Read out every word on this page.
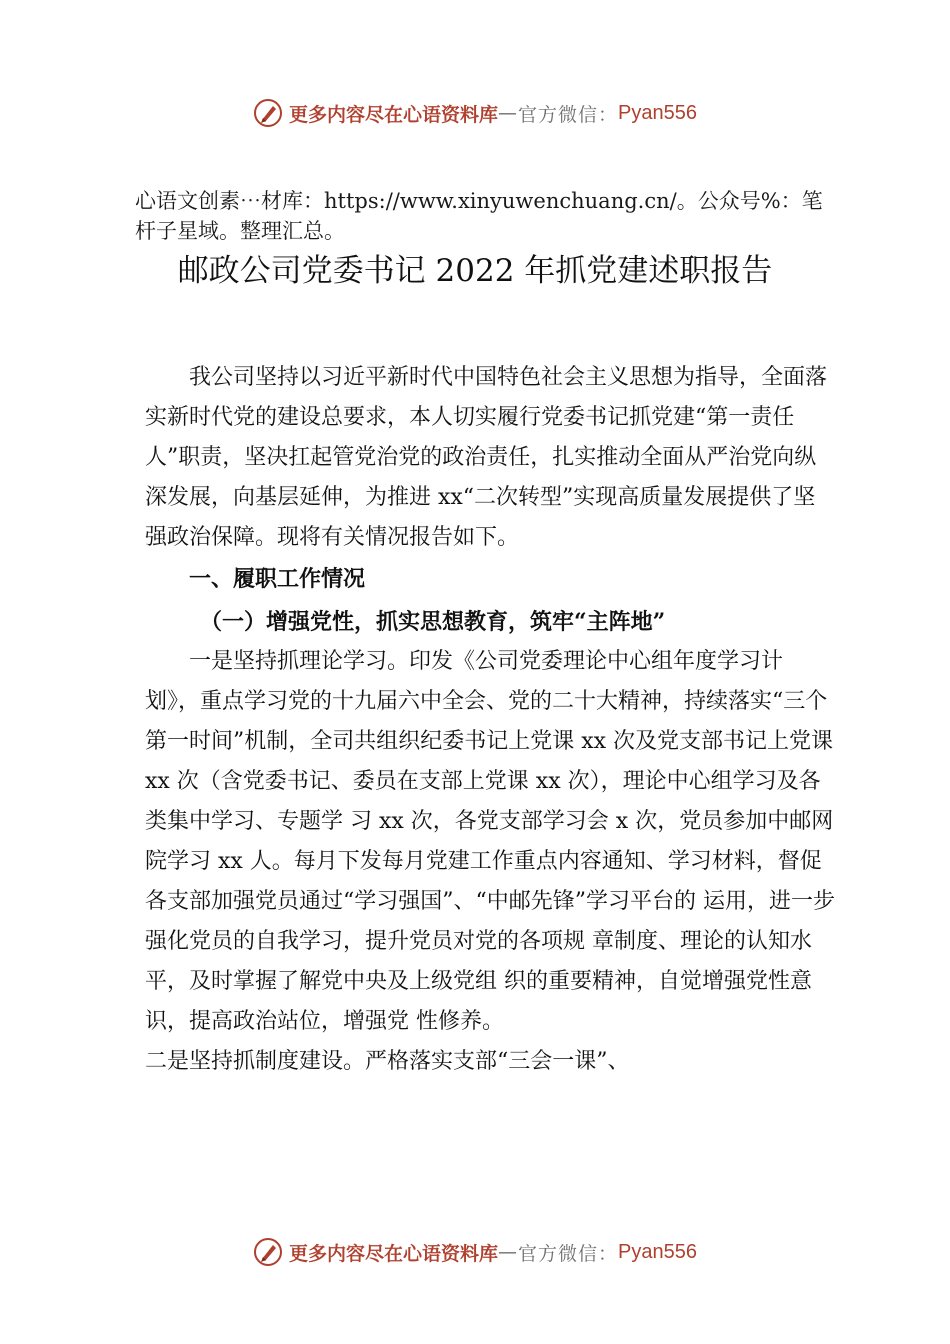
更多内容尽在心语资料库 — 官方微信： Pyan556
心语文创素⋯材库：https://www.xinyuwenchuang.cn/。公众号%：笔杆子星域。整理汇总。
邮政公司党委书记 2022 年抓党建述职报告

我公司坚持以习近平新时代中国特色社会主义思想为指导，全面落实新时代党的建设总要求，本人切实履行党委书记抓党建“第一责任人”职责，坚决扛起管党治党的政治责任，扎实推动全面从严治党向纵深发展，向基层延伸，为推进 xx“二次转型”实现高质量发展提供了坚强政治保障。现将有关情况报告如下。

一、履职工作情况

（一）增强党性，抓实思想教育，筑牢“主阵地”

一是坚持抓理论学习。印发《公司党委理论中心组年度学习计划》，重点学习党的十九届六中全会、党的二十大精神，持续落实“三个第一时间”机制，全司共组织纪委书记上党课 xx 次及党支部书记上党课 xx 次（含党委书记、委员在支部上党课 xx 次），理论中心组学习及各类集中学习、专题学 习 xx 次，各党支部学习会 x 次，党员参加中邮网院学习 xx 人。每月下发每月党建工作重点内容通知、学习材料，督促 各支部加强党员通过“学习强国”、“中邮先锋”学习平台的 运用，进一步强化党员的自我学习，提升党员对党的各项规 章制度、理论的认知水平，及时掌握了解党中央及上级党组 织的重要精神，自觉增强党性意识，提高政治站位，增强党 性修养。

二是坚持抓制度建设。严格落实支部“三会一课”、

更多内容尽在心语资料库 — 官方微信： Pyan556
